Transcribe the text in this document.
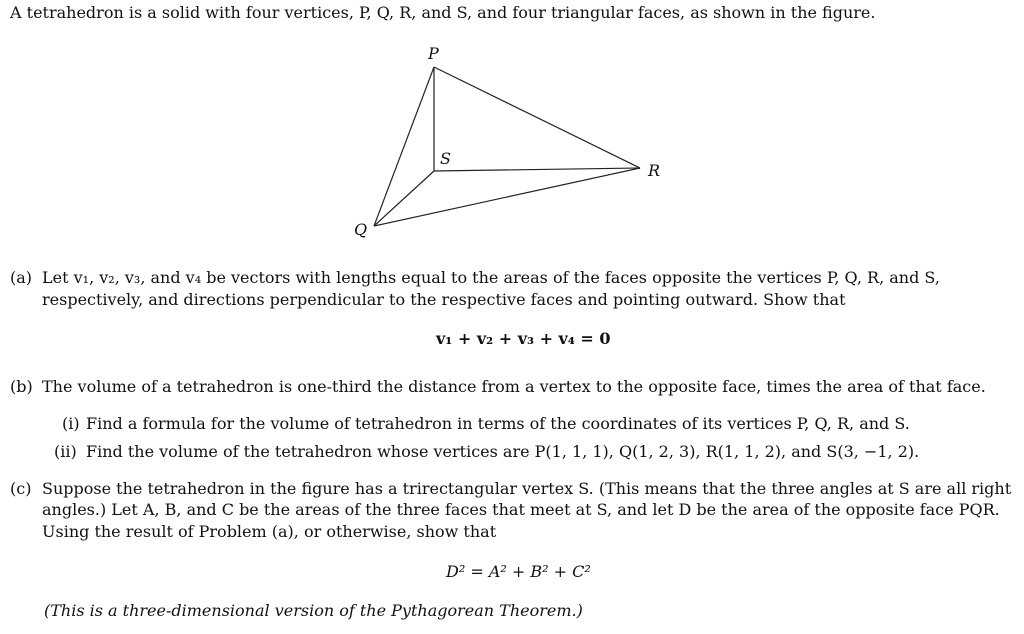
A tetrahedron is a solid with four vertices, P, Q, R, and S, and four triangular faces, as shown in the figure.
P
S
R
Q
(a) Let v₁, v₂, v₃, and v₄ be vectors with lengths equal to the areas of the faces opposite the vertices P, Q, R, and S,
respectively, and directions perpendicular to the respective faces and pointing outward. Show that
v₁ + v₂ + v₃ + v₄ = 0
(b) The volume of a tetrahedron is one-third the distance from a vertex to the opposite face, times the area of that face.
(i) Find a formula for the volume of tetrahedron in terms of the coordinates of its vertices P, Q, R, and S.
(ii) Find the volume of the tetrahedron whose vertices are P(1, 1, 1), Q(1, 2, 3), R(1, 1, 2), and S(3, −1, 2).
(c) Suppose the tetrahedron in the figure has a trirectangular vertex S. (This means that the three angles at S are all right
angles.) Let A, B, and C be the areas of the three faces that meet at S, and let D be the area of the opposite face PQR.
Using the result of Problem (a), or otherwise, show that
D² = A² + B² + C²
(This is a three-dimensional version of the Pythagorean Theorem.)
